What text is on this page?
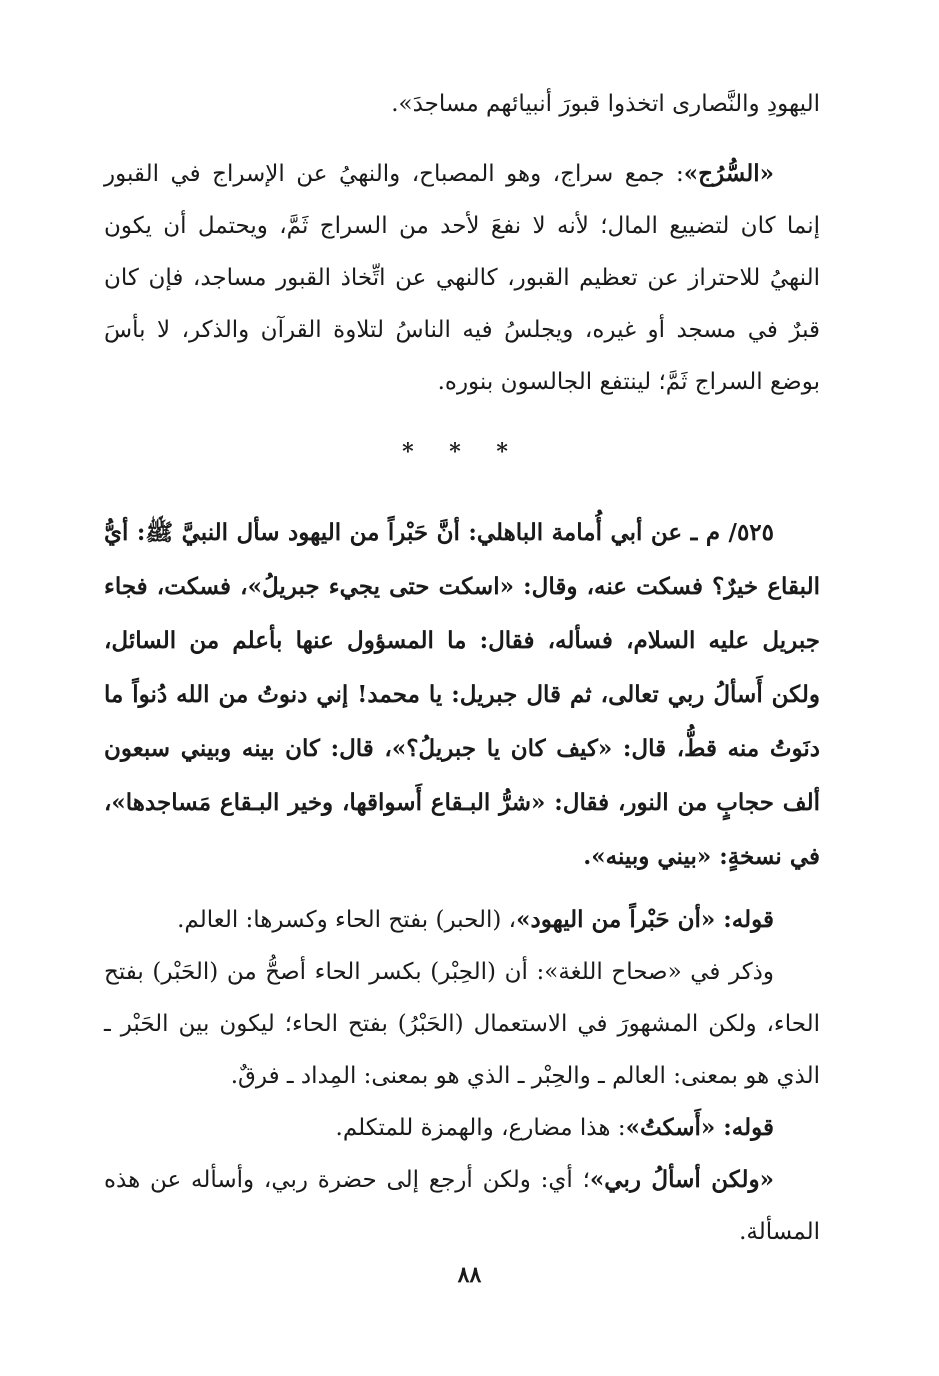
اليهودِ والنَّصارى اتخذوا قبورَ أنبيائهم مساجدَ».

«السُّرُج»: جمع سراج، وهو المصباح، والنهيُ عن الإسراج في القبور إنما كان لتضييع المال؛ لأنه لا نفعَ لأحد من السراج ثَمَّ، ويحتمل أن يكون النهيُ للاحتراز عن تعظيم القبور، كالنهي عن اتِّخاذ القبور مساجد، فإن كان قبرٌ في مسجد أو غيره، ويجلسُ فيه الناسُ لتلاوة القرآن والذكر، لا بأسَ بوضع السراج ثَمَّ؛ لينتفع الجالسون بنوره.

* * *

٥٢٥/ م ـ عن أبي أُمامة الباهلي: أنَّ حَبْراً من اليهود سأل النبيَّ ﷺ: أيُّ البقاع خيرٌ؟ فسكت عنه، وقال: «اسكت حتى يجيء جبريلُ»، فسكت، فجاء جبريل عليه السلام، فسأله، فقال: ما المسؤول عنها بأعلم من السائل، ولكن أَسألُ ربي تعالى، ثم قال جبريل: يا محمد! إني دنوتُ من الله دُنواً ما دنَوتُ منه قطُّ، قال: «كيف كان يا جبريلُ؟»، قال: كان بينه وبيني سبعون ألف حجابٍ من النور، فقال: «شرُّ البـقاع أَسواقها، وخير البـقاع مَساجدها»، في نسخةٍ: «بيني وبينه».

قوله: «أن حَبْراً من اليهود»، (الحبر) بفتح الحاء وكسرها: العالم.

وذكر في «صحاح اللغة»: أن (الحِبْر) بكسر الحاء أصحُّ من (الحَبْر) بفتح الحاء، ولكن المشهورَ في الاستعمال (الحَبْرُ) بفتح الحاء؛ ليكون بين الحَبْر ـ الذي هو بمعنى: العالم ـ والحِبْر ـ الذي هو بمعنى: المِداد ـ فرقٌ.

قوله: «أَسكتُ»: هذا مضارع، والهمزة للمتكلم.

«ولكن أسألُ ربي»؛ أي: ولكن أرجع إلى حضرة ربي، وأسأله عن هذه المسألة.

٨٨
